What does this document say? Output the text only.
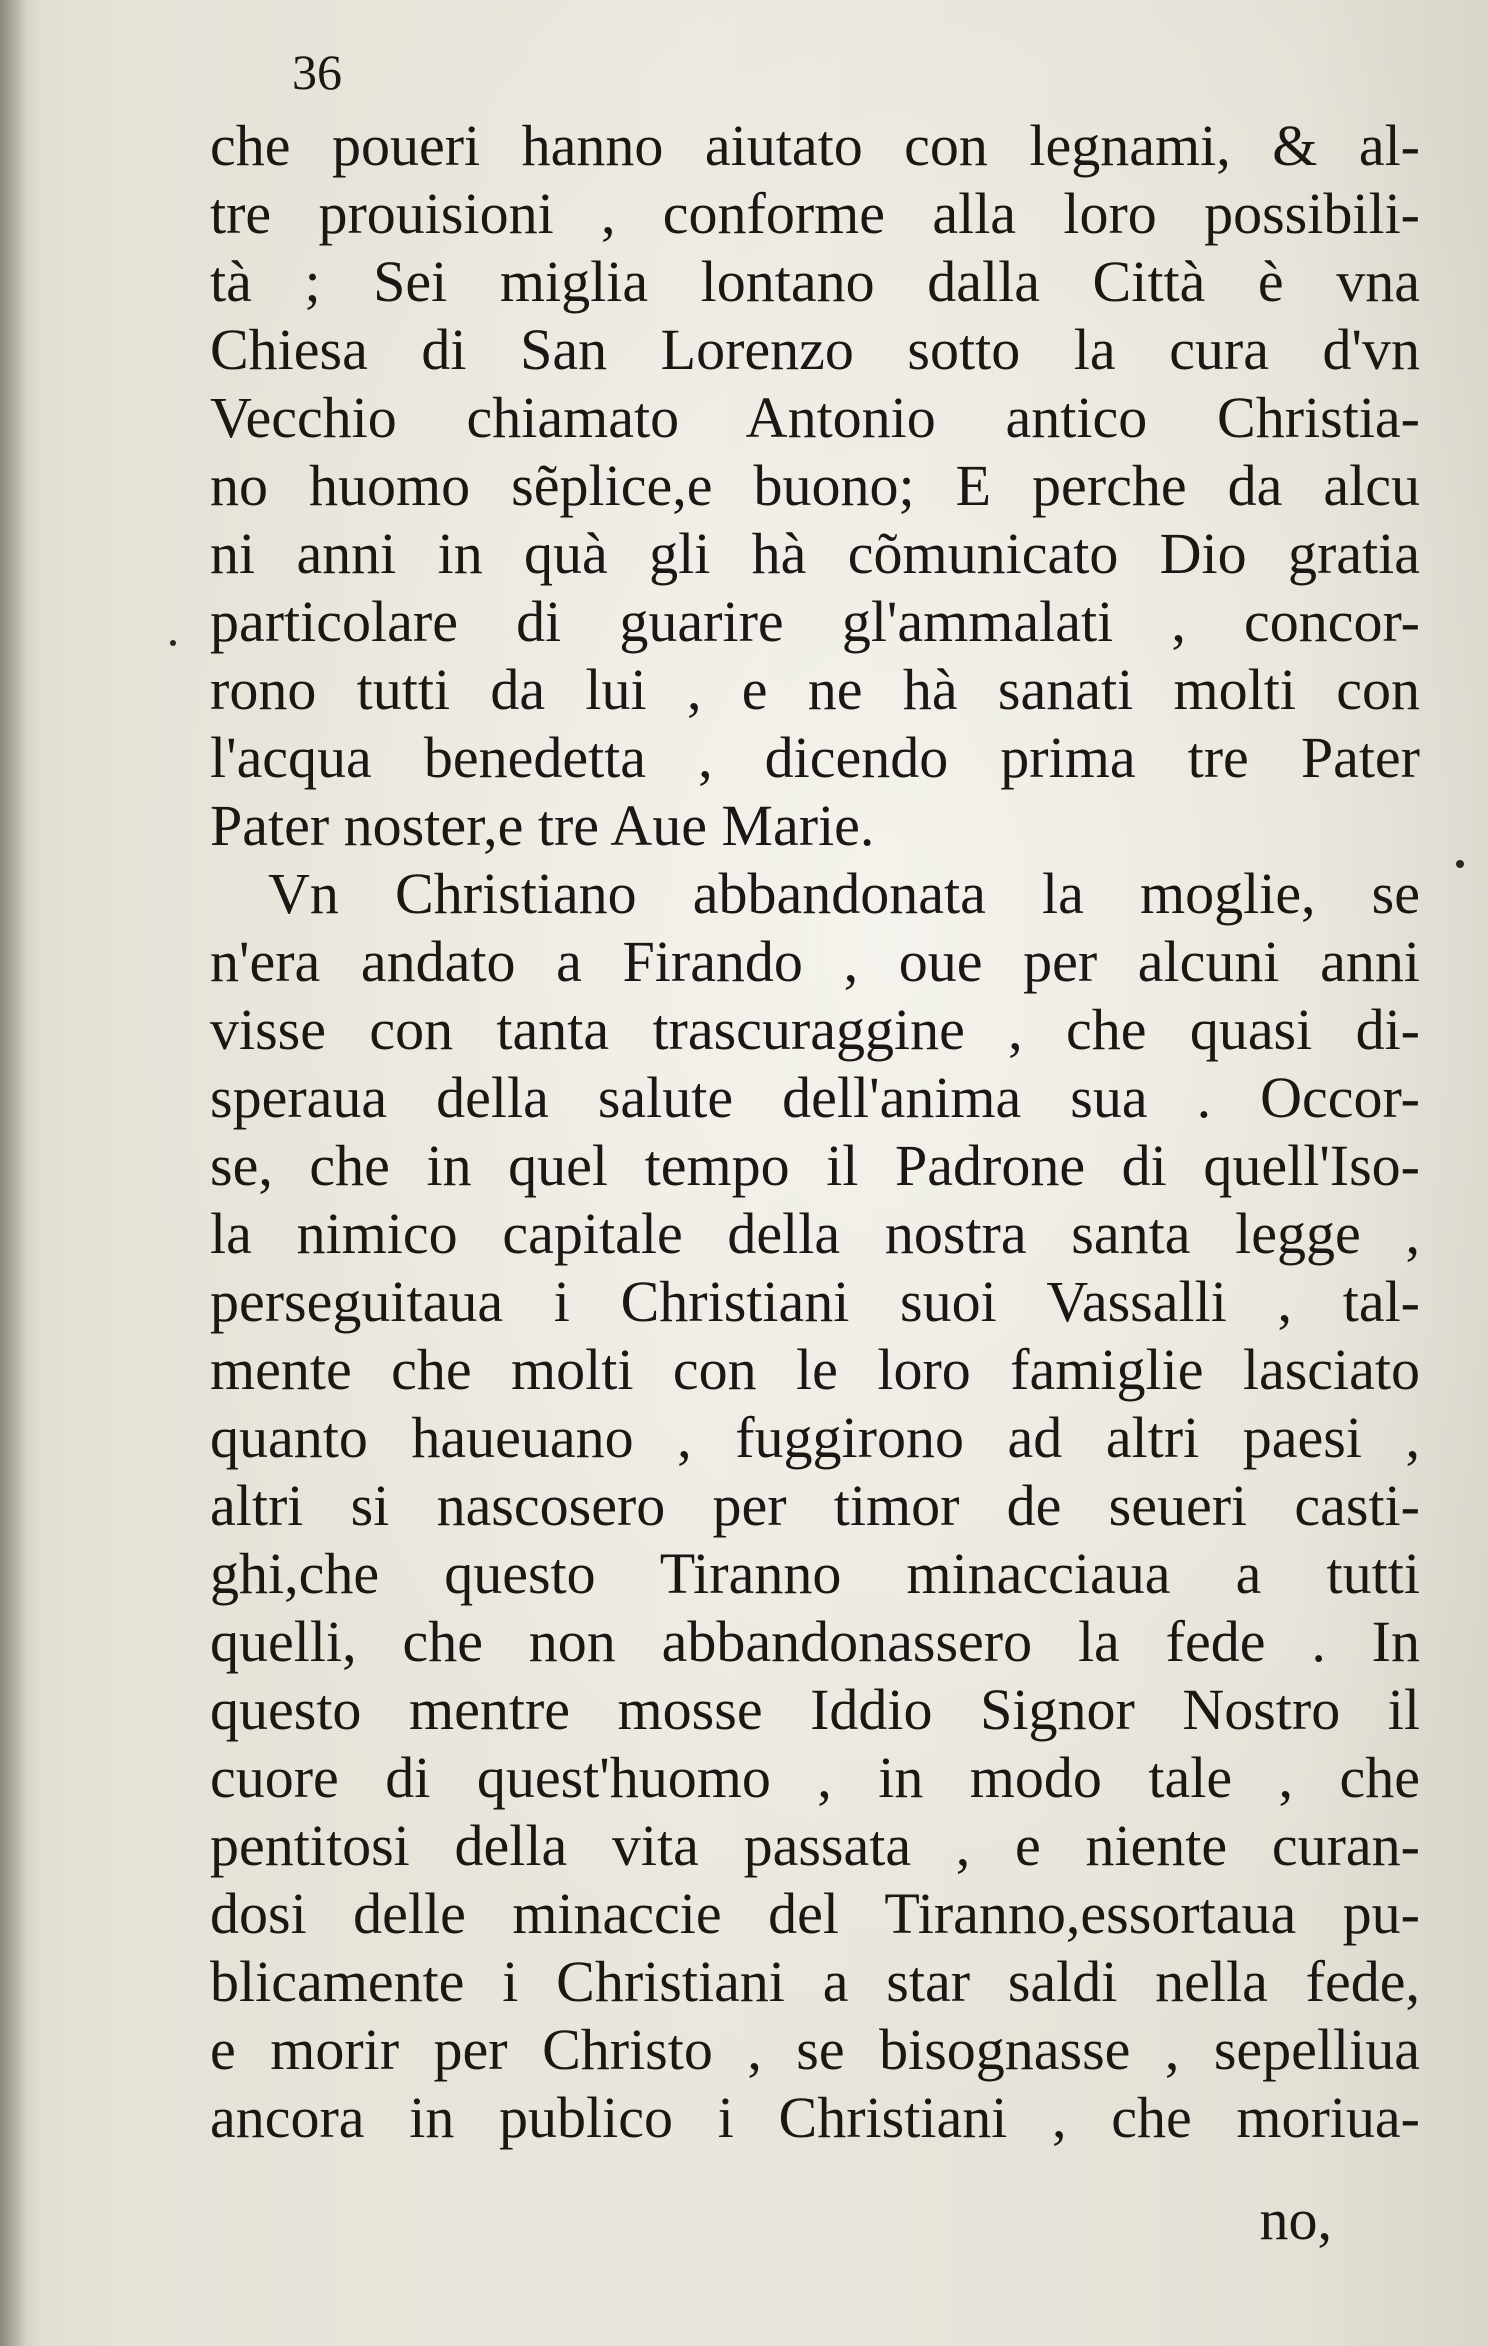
36
che poueri hanno aiutato con legnami, & al-
tre prouisioni , conforme alla loro possibili-
tà ; Sei miglia lontano dalla Città è vna
Chiesa di San Lorenzo sotto la cura d'vn
Vecchio chiamato Antonio antico Christia-
no huomo sẽplice,e buono; E perche da alcu
ni anni in quà gli hà cõmunicato Dio gratia
particolare di guarire gl'ammalati , concor-
rono tutti da lui , e ne hà sanati molti con
l'acqua benedetta , dicendo prima tre Pater
Pater noster,e tre Aue Marie.
Vn Christiano abbandonata la moglie, se
n'era andato a Firando , oue per alcuni anni
visse con tanta trascuraggine , che quasi di-
speraua della salute dell'anima sua . Occor-
se, che in quel tempo il Padrone di quell'Iso-
la nimico capitale della nostra santa legge ,
perseguitaua i Christiani suoi Vassalli , tal-
mente che molti con le loro famiglie lasciato
quanto haueuano , fuggirono ad altri paesi ,
altri si nascosero per timor de seueri casti-
ghi,che questo Tiranno minacciaua a tutti
quelli, che non abbandonassero la fede . In
questo mentre mosse Iddio Signor Nostro il
cuore di quest'huomo , in modo tale , che
pentitosi della vita passata , e niente curan-
dosi delle minaccie del Tiranno,essortaua pu-
blicamente i Christiani a star saldi nella fede,
e morir per Christo , se bisognasse , sepelliua
ancora in publico i Christiani , che moriua-
no,
